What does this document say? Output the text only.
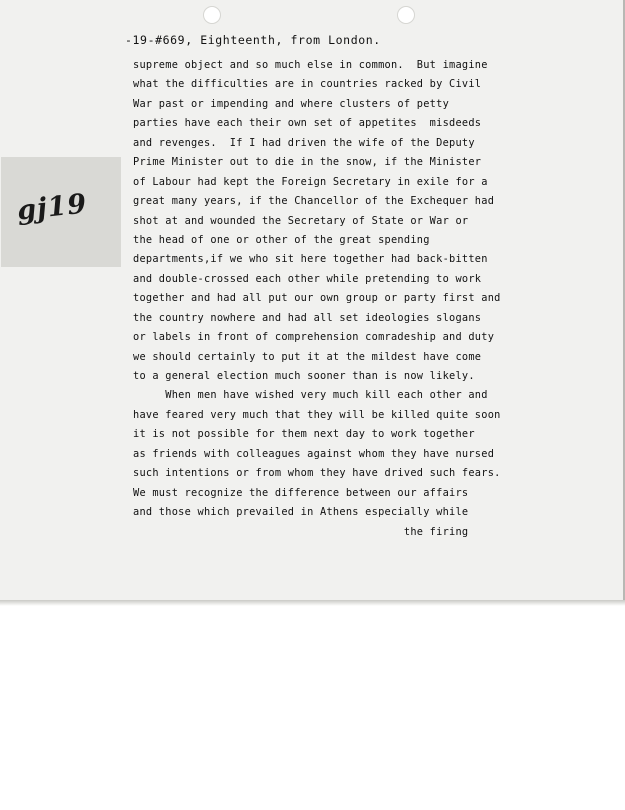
-19-#669, Eighteenth, from London.
gj19
supreme object and so much else in common.  But imagine
what the difficulties are in countries racked by Civil
War past or impending and where clusters of petty
parties have each their own set of appetites  misdeeds
and revenges.  If I had driven the wife of the Deputy
Prime Minister out to die in the snow, if the Minister
of Labour had kept the Foreign Secretary in exile for a
great many years, if the Chancellor of the Exchequer had
shot at and wounded the Secretary of State or War or
the head of one or other of the great spending
departments,if we who sit here together had back-bitten
and double-crossed each other while pretending to work
together and had all put our own group or party first and
the country nowhere and had all set ideologies slogans
or labels in front of comprehension comradeship and duty
we should certainly to put it at the mildest have come
to a general election much sooner than is now likely.
When men have wished very much kill each other and
have feared very much that they will be killed quite soon
it is not possible for them next day to work together
as friends with colleagues against whom they have nursed
such intentions or from whom they have drived such fears.
We must recognize the difference between our affairs
and those which prevailed in Athens especially while
the firing
